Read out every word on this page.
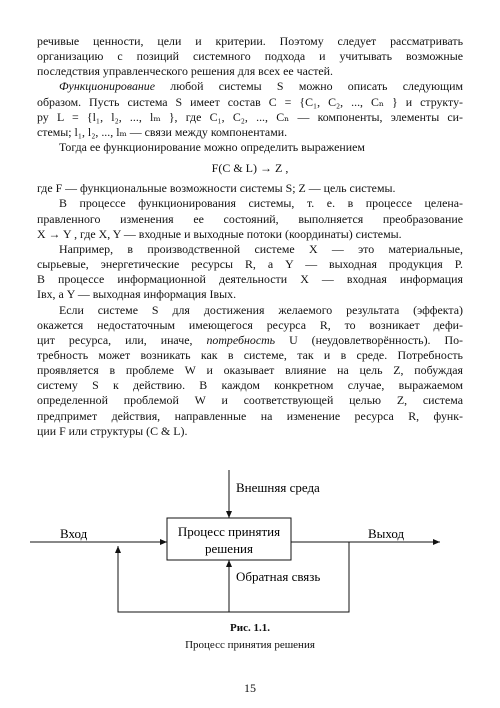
речивые ценности, цели и критерии. Поэтому следует рассматривать
организацию с позиций системного подхода и учитывать возможные
последствия управленческого решения для всех ее частей.

Функционирование любой системы S можно описать следующим
образом. Пусть система S имеет состав C = {C₁, C₂, ..., Cₙ } и структу-
ру L = {l₁, l₂, ..., lₘ }, где C₁, C₂, ..., Cₙ — компоненты, элементы си-
стемы; l₁, l₂, ..., lₘ — связи между компонентами.

Тогда ее функционирование можно определить выражением
F(C & L) → Z ,
где F — функциональные возможности системы S; Z — цель системы.

В процессе функционирования системы, т. е. в процессе целена-
правленного изменения ее состояний, выполняется преобразование
X → Y , где X, Y — входные и выходные потоки (координаты) системы.

Например, в производственной системе X — это материальные,
сырьевые, энергетические ресурсы R, а Y — выходная продукция P.
В процессе информационной деятельности X — входная информация
Iвх, а Y — выходная информация Iвых.

Если системе S для достижения желаемого результата (эффекта)
окажется недостаточным имеющегося ресурса R, то возникает дефи-
цит ресурса, или, иначе, потребность U (неудовлетворённость). По-
требность может возникать как в системе, так и в среде. Потребность
проявляется в проблеме W и оказывает влияние на цель Z, побуждая
систему S к действию. В каждом конкретном случае, выражаемом
определенной проблемой W и соответствующей целью Z, система
предпримет действия, направленные на изменение ресурса R, функ-
ции F или структуры (C & L).

Процесс принятия
решения
Внешняя среда
Вход	Выход
Обратная связь
Рис. 1.1.
Процесс принятия решения
15
